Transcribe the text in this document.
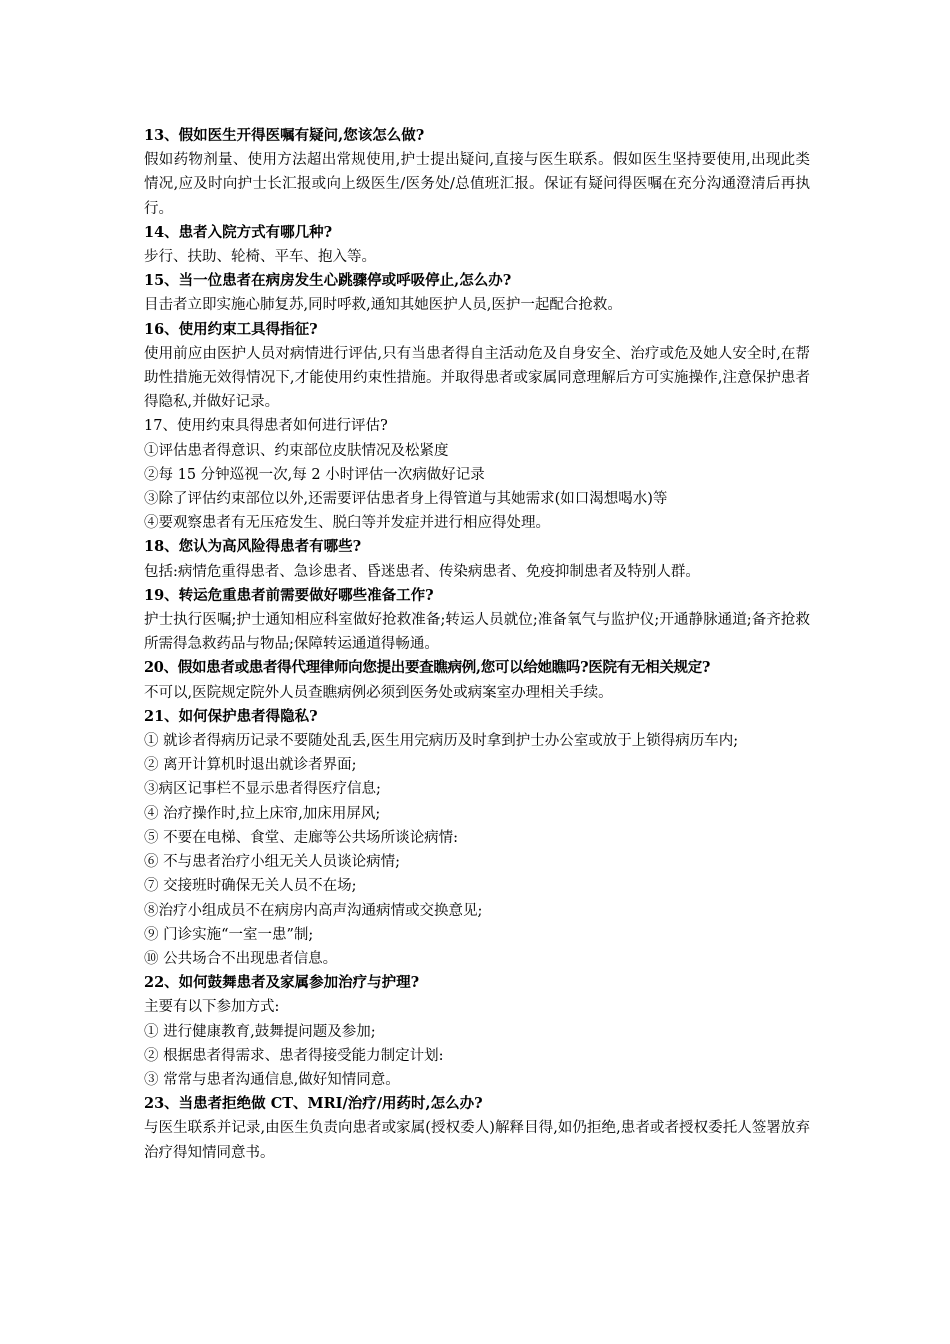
13、假如医生开得医嘱有疑问,您该怎么做?

假如药物剂量、使用方法超出常规使用,护士提出疑问,直接与医生联系。假如医生坚持要使用,出现此类情况,应及时向护士长汇报或向上级医生/医务处/总值班汇报。保证有疑问得医嘱在充分沟通澄清后再执行。

14、患者入院方式有哪几种?

步行、扶助、轮椅、平车、抱入等。

15、当一位患者在病房发生心跳骤停或呼吸停止,怎么办?

目击者立即实施心肺复苏,同时呼救,通知其她医护人员,医护一起配合抢救。

16、使用约束工具得指征?

使用前应由医护人员对病情进行评估,只有当患者得自主活动危及自身安全、治疗或危及她人安全时,在帮助性措施无效得情况下,才能使用约束性措施。并取得患者或家属同意理解后方可实施操作,注意保护患者得隐私,并做好记录。

17、使用约束具得患者如何进行评估?

①评估患者得意识、约束部位皮肤情况及松紧度

②每 15 分钟巡视一次,每 2 小时评估一次病做好记录

③除了评估约束部位以外,还需要评估患者身上得管道与其她需求(如口渴想喝水)等

④要观察患者有无压疮发生、脱臼等并发症并进行相应得处理。

18、您认为高风险得患者有哪些?

包括:病情危重得患者、急诊患者、昏迷患者、传染病患者、免疫抑制患者及特别人群。

19、转运危重患者前需要做好哪些准备工作?

护士执行医嘱;护士通知相应科室做好抢救准备;转运人员就位;准备氧气与监护仪;开通静脉通道;备齐抢救所需得急救药品与物品;保障转运通道得畅通。

20、假如患者或患者得代理律师向您提出要查瞧病例,您可以给她瞧吗?医院有无相关规定?

不可以,医院规定院外人员查瞧病例必须到医务处或病案室办理相关手续。

21、如何保护患者得隐私?

① 就诊者得病历记录不要随处乱丢,医生用完病历及时拿到护士办公室或放于上锁得病历车内;

② 离开计算机时退出就诊者界面;

③病区记事栏不显示患者得医疗信息;

④ 治疗操作时,拉上床帘,加床用屏风;

⑤ 不要在电梯、食堂、走廊等公共场所谈论病情:

⑥ 不与患者治疗小组无关人员谈论病情;

⑦ 交接班时确保无关人员不在场;

⑧治疗小组成员不在病房内高声沟通病情或交换意见;

⑨ 门诊实施“一室一患”制;

⑩ 公共场合不出现患者信息。

22、如何鼓舞患者及家属参加治疗与护理?

主要有以下参加方式:

① 进行健康教育,鼓舞提问题及参加;

② 根据患者得需求、患者得接受能力制定计划:

③ 常常与患者沟通信息,做好知情同意。

23、当患者拒绝做 CT、MRI/治疗/用药时,怎么办?

与医生联系并记录,由医生负责向患者或家属(授权委人)解释目得,如仍拒绝,患者或者授权委托人签署放弃治疗得知情同意书。
